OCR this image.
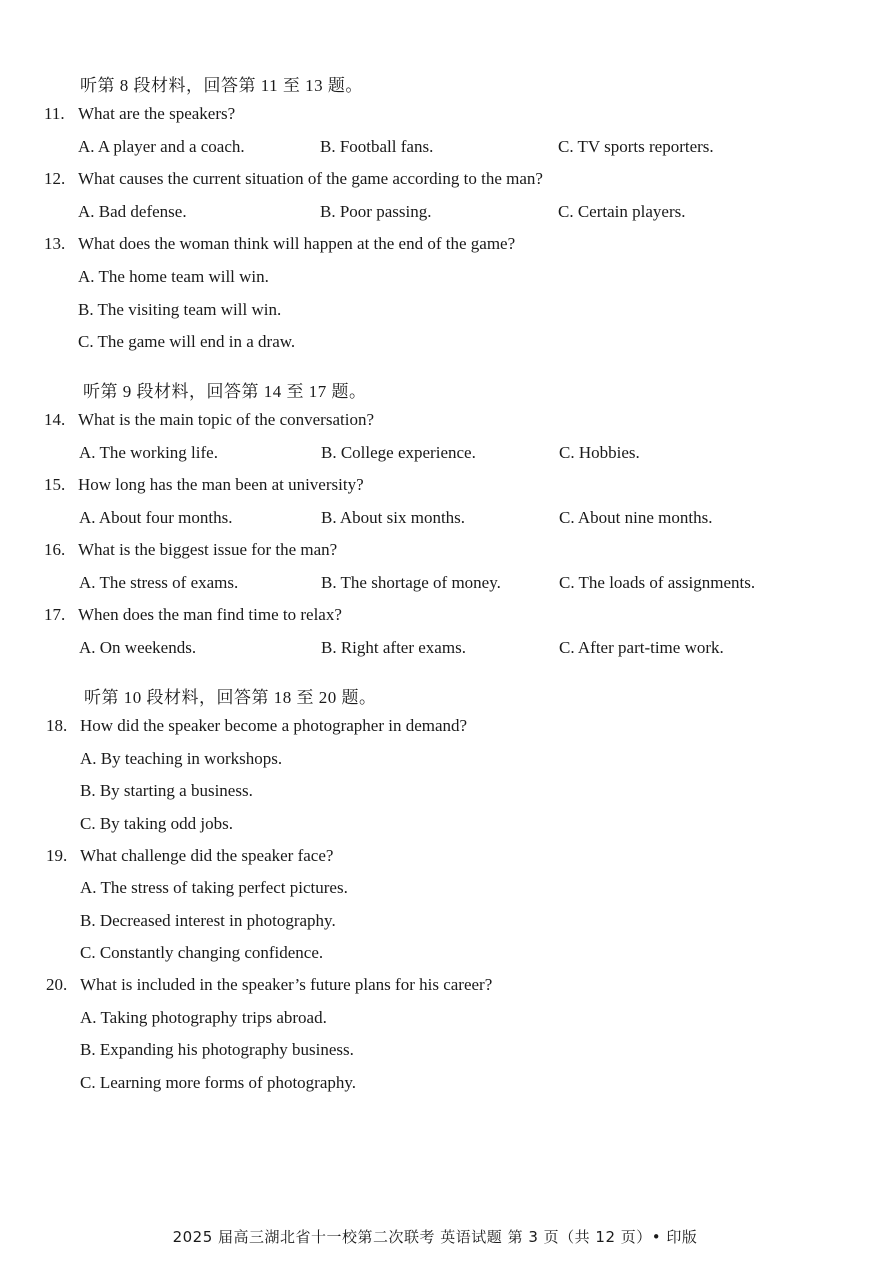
听第 8 段材料，回答第 11 至 13 题。
11. What are the speakers?
A. A player and a coach.	B. Football fans.	C. TV sports reporters.
12. What causes the current situation of the game according to the man?
A. Bad defense.	B. Poor passing.	C. Certain players.
13. What does the woman think will happen at the end of the game?
A. The home team will win.
B. The visiting team will win.
C. The game will end in a draw.
听第 9 段材料，回答第 14 至 17 题。
14. What is the main topic of the conversation?
A. The working life.	B. College experience.	C. Hobbies.
15. How long has the man been at university?
A. About four months.	B. About six months.	C. About nine months.
16. What is the biggest issue for the man?
A. The stress of exams.	B. The shortage of money.	C. The loads of assignments.
17. When does the man find time to relax?
A. On weekends.	B. Right after exams.	C. After part-time work.
听第 10 段材料，回答第 18 至 20 题。
18. How did the speaker become a photographer in demand?
A. By teaching in workshops.
B. By starting a business.
C. By taking odd jobs.
19. What challenge did the speaker face?
A. The stress of taking perfect pictures.
B. Decreased interest in photography.
C. Constantly changing confidence.
20. What is included in the speaker’s future plans for his career?
A. Taking photography trips abroad.
B. Expanding his photography business.
C. Learning more forms of photography.
2025 届高三湖北省十一校第二次联考 英语试题 第 3 页（共 12 页）• 印版
